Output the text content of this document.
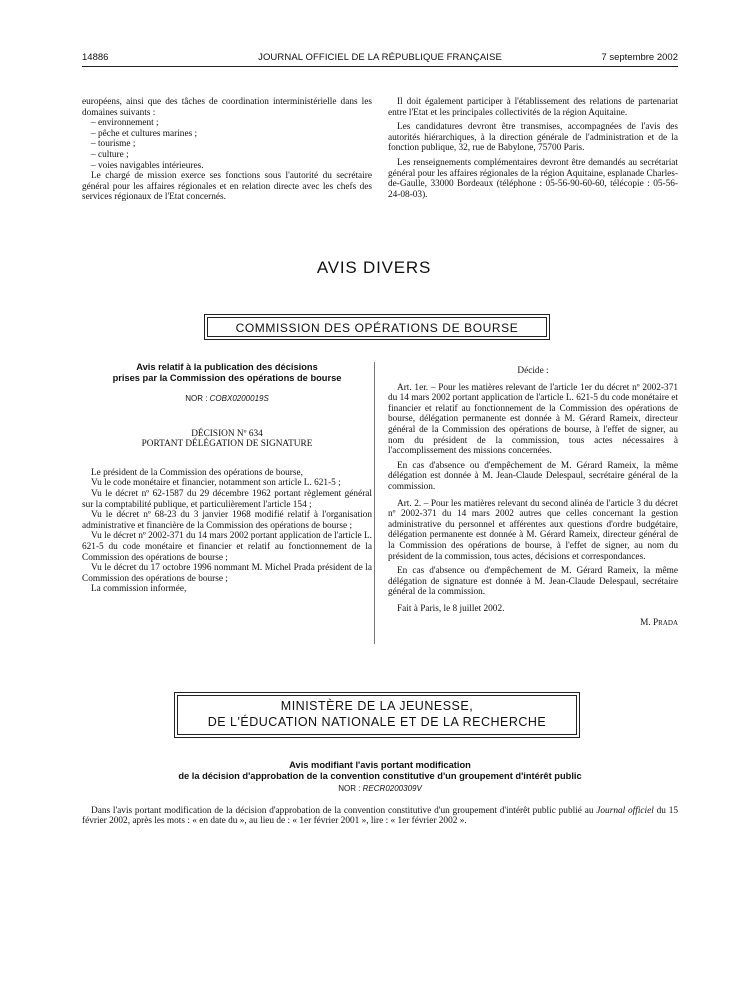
14886	JOURNAL OFFICIEL DE LA RÉPUBLIQUE FRANÇAISE	7 septembre 2002

européens, ainsi que des tâches de coordination interministérielle dans les domaines suivants :

– environnement ;

– pêche et cultures marines ;

– tourisme ;

– culture ;

– voies navigables intérieures.

Le chargé de mission exerce ses fonctions sous l'autorité du secrétaire général pour les affaires régionales et en relation directe avec les chefs des services régionaux de l'Etat concernés.

Il doit également participer à l'établissement des relations de partenariat entre l'Etat et les principales collectivités de la région Aquitaine.

Les candidatures devront être transmises, accompagnées de l'avis des autorités hiérarchiques, à la direction générale de l'administration et de la fonction publique, 32, rue de Babylone, 75700 Paris.

Les renseignements complémentaires devront être demandés au secrétariat général pour les affaires régionales de la région Aquitaine, esplanade Charles-de-Gaulle, 33000 Bordeaux (téléphone : 05-56-90-60-60, télécopie : 05-56-24-08-03).

AVIS DIVERS
COMMISSION DES OPÉRATIONS DE BOURSE
Avis relatif à la publication des décisions
prises par la Commission des opérations de bourse
NOR : COBX0200019S

DÉCISION Nº 634

PORTANT DÉLÉGATION DE SIGNATURE

Le président de la Commission des opérations de bourse,

Vu le code monétaire et financier, notamment son article L. 621-5 ;

Vu le décret nº 62-1587 du 29 décembre 1962 portant règlement général sur la comptabilité publique, et particulièrement l'article 154 ;

Vu le décret nº 68-23 du 3 janvier 1968 modifié relatif à l'organisation administrative et financière de la Commission des opérations de bourse ;

Vu le décret nº 2002-371 du 14 mars 2002 portant application de l'article L. 621-5 du code monétaire et financier et relatif au fonctionnement de la Commission des opérations de bourse ;

Vu le décret du 17 octobre 1996 nommant M. Michel Prada président de la Commission des opérations de bourse ;

La commission informée,

Décide :

Art. 1er. – Pour les matières relevant de l'article 1er du décret nº 2002-371 du 14 mars 2002 portant application de l'article L. 621-5 du code monétaire et financier et relatif au fonctionnement de la Commission des opérations de bourse, délégation permanente est donnée à M. Gérard Rameix, directeur général de la Commission des opérations de bourse, à l'effet de signer, au nom du président de la commission, tous actes nécessaires à l'accomplissement des missions concernées.

En cas d'absence ou d'empêchement de M. Gérard Rameix, la même délégation est donnée à M. Jean-Claude Delespaul, secrétaire général de la commission.

Art. 2. – Pour les matières relevant du second alinéa de l'article 3 du décret nº 2002-371 du 14 mars 2002 autres que celles concernant la gestion administrative du personnel et afférentes aux questions d'ordre budgétaire, délégation permanente est donnée à M. Gérard Rameix, directeur général de la Commission des opérations de bourse, à l'effet de signer, au nom du président de la commission, tous actes, décisions et correspondances.

En cas d'absence ou d'empêchement de M. Gérard Rameix, la même délégation de signature est donnée à M. Jean-Claude Delespaul, secrétaire général de la commission.

Fait à Paris, le 8 juillet 2002.

M. Prada

MINISTÈRE DE LA JEUNESSE,
DE L'ÉDUCATION NATIONALE ET DE LA RECHERCHE
Avis modifiant l'avis portant modification
de la décision d'approbation de la convention constitutive d'un groupement d'intérêt public
NOR : RECR0200309V

Dans l'avis portant modification de la décision d'approbation de la convention constitutive d'un groupement d'intérêt public publié au Journal officiel du 15 février 2002, après les mots : « en date du », au lieu de : « 1er février 2001 », lire : « 1er février 2002 ».
